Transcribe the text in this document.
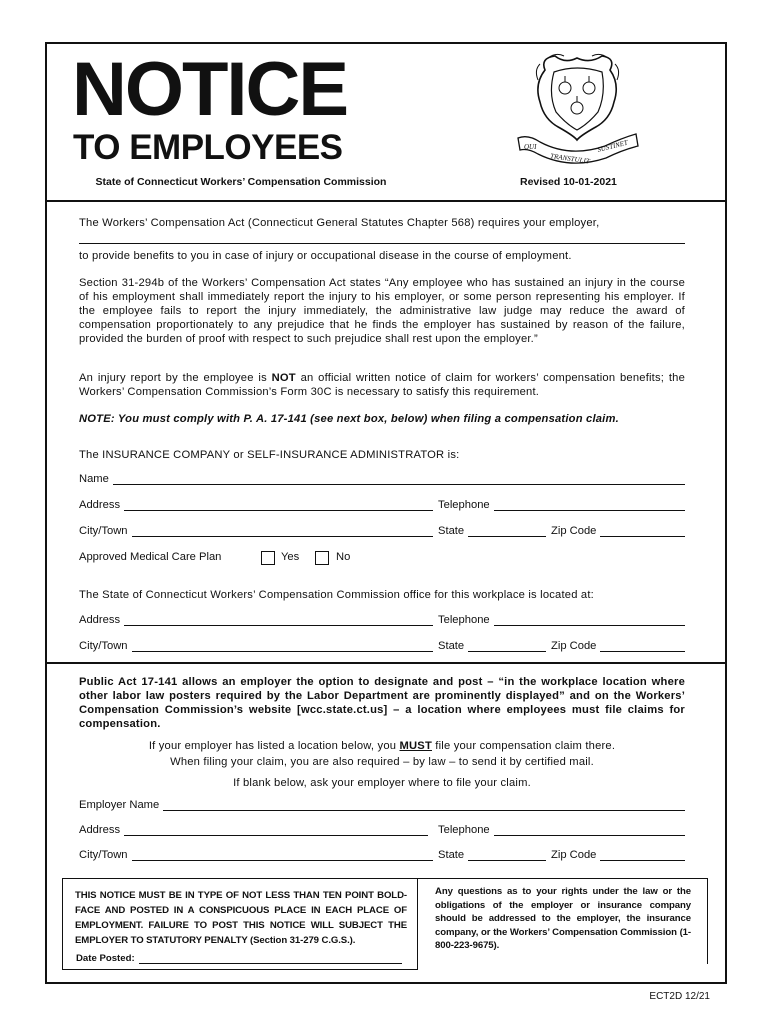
NOTICE
TO EMPLOYEES
State of Connecticut Workers’ Compensation Commission	Revised 10-01-2021
QUI
TRANSTULIT
SUSTINET
The Workers’ Compensation Act (Connecticut General Statutes Chapter 568) requires your employer,
to provide benefits to you in case of injury or occupational disease in the course of employment.
Section 31-294b of the Workers’ Compensation Act states “Any employee who has sustained an injury in the course of his employment shall immediately report the injury to his employer, or some person representing his employer. If the employee fails to report the injury immediately, the administrative law judge may reduce the award of compensation proportionately to any prejudice that he finds the employer has sustained by reason of the failure, provided the burden of proof with respect to such prejudice shall rest upon the employer.”
An injury report by the employee is NOT an official written notice of claim for workers’ compensation benefits; the Workers’ Compensation Commission’s Form 30C is necessary to satisfy this requirement.
NOTE: You must comply with P. A. 17-141 (see next box, below) when filing a compensation claim.
The INSURANCE COMPANY or SELF-INSURANCE ADMINISTRATOR is:
Name
Address	Telephone
City/Town	State	Zip Code
Approved Medical Care Plan	Yes	No
The State of Connecticut Workers’ Compensation Commission office for this workplace is located at:
Address	Telephone
City/Town	State	Zip Code
Public Act 17-141 allows an employer the option to designate and post – “in the workplace location where other labor law posters required by the Labor Department are prominently displayed” and on the Workers’ Compensation Commission’s website [wcc.state.ct.us] – a location where employees must file claims for compensation.
If your employer has listed a location below, you MUST file your compensation claim there.
When filing your claim, you are also required – by law – to send it by certified mail.
If blank below, ask your employer where to file your claim.
Employer Name
Address	Telephone
City/Town	State	Zip Code
THIS NOTICE MUST BE IN TYPE OF NOT LESS THAN TEN POINT BOLD-FACE AND POSTED IN A CONSPICUOUS PLACE IN EACH PLACE OF EMPLOYMENT. FAILURE TO POST THIS NOTICE WILL SUBJECT THE EMPLOYER TO STATUTORY PENALTY (Section 31-279 C.G.S.).
Date Posted:
Any questions as to your rights under the law or the obligations of the employer or insurance company should be addressed to the employer, the insurance company, or the Workers’ Compensation Commission (1-800-223-9675).
ECT2D 12/21
